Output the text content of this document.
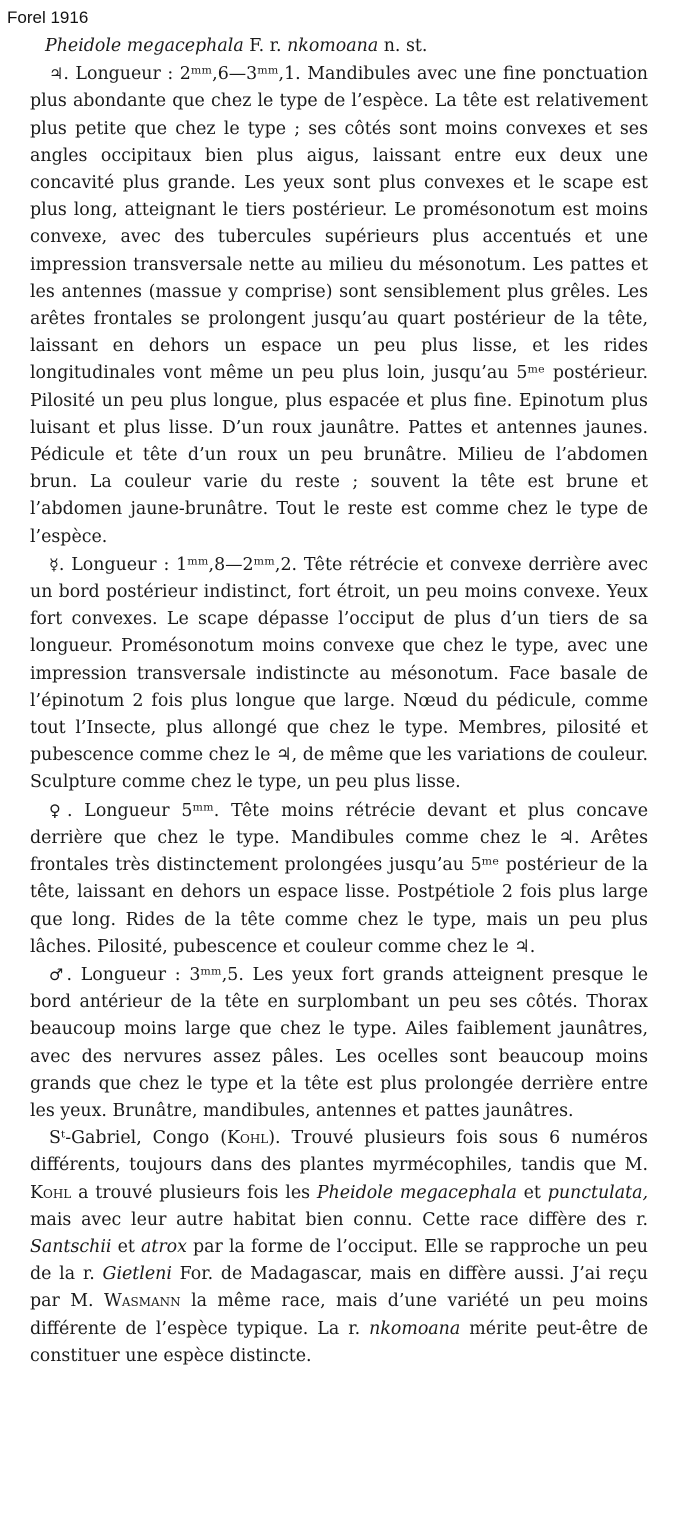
Forel 1916

Pheidole megacephala F. r. nkomoana n. st.

♃. Longueur : 2ᵐᵐ,6—3ᵐᵐ,1. Mandibules avec une fine ponctuation plus abondante que chez le type de l’espèce. La tête est relativement plus petite que chez le type ; ses côtés sont moins convexes et ses angles occipitaux bien plus aigus, laissant entre eux deux une concavité plus grande. Les yeux sont plus convexes et le scape est plus long, atteignant le tiers postérieur. Le promésonotum est moins convexe, avec des tubercules supérieurs plus accentués et une impression transversale nette au milieu du mésonotum. Les pattes et les antennes (massue y comprise) sont sensiblement plus grêles. Les arêtes frontales se prolongent jusqu’au quart postérieur de la tête, laissant en dehors un espace un peu plus lisse, et les rides longitudinales vont même un peu plus loin, jusqu’au 5ᵐᵉ postérieur. Pilosité un peu plus longue, plus espacée et plus fine. Epinotum plus luisant et plus lisse. D’un roux jaunâtre. Pattes et antennes jaunes. Pédicule et tête d’un roux un peu brunâtre. Milieu de l’abdomen brun. La couleur varie du reste ; souvent la tête est brune et l’abdomen jaune-brunâtre. Tout le reste est comme chez le type de l’espèce.

☿. Longueur : 1ᵐᵐ,8—2ᵐᵐ,2. Tête rétrécie et convexe derrière avec un bord postérieur indistinct, fort étroit, un peu moins convexe. Yeux fort convexes. Le scape dépasse l’occiput de plus d’un tiers de sa longueur. Promésonotum moins convexe que chez le type, avec une impression transversale indistincte au mésonotum. Face basale de l’épinotum 2 fois plus longue que large. Nœud du pédicule, comme tout l’Insecte, plus allongé que chez le type. Membres, pilosité et pubescence comme chez le ♃, de même que les variations de couleur. Sculpture comme chez le type, un peu plus lisse.

♀. Longueur 5ᵐᵐ. Tête moins rétrécie devant et plus concave derrière que chez le type. Mandibules comme chez le ♃. Arêtes frontales très distinctement prolongées jusqu’au 5ᵐᵉ postérieur de la tête, laissant en dehors un espace lisse. Postpétiole 2 fois plus large que long. Rides de la tête comme chez le type, mais un peu plus lâches. Pilosité, pubescence et couleur comme chez le ♃.

♂. Longueur : 3ᵐᵐ,5. Les yeux fort grands atteignent presque le bord antérieur de la tête en surplombant un peu ses côtés. Thorax beaucoup moins large que chez le type. Ailes faiblement jaunâtres, avec des nervures assez pâles. Les ocelles sont beaucoup moins grands que chez le type et la tête est plus prolongée derrière entre les yeux. Brunâtre, mandibules, antennes et pattes jaunâtres.

Sᵗ-Gabriel, Congo (Kohl). Trouvé plusieurs fois sous 6 numéros différents, toujours dans des plantes myrmécophiles, tandis que M. Kohl a trouvé plusieurs fois les Pheidole megacephala et punctulata, mais avec leur autre habitat bien connu. Cette race diffère des r. Santschii et atrox par la forme de l’occiput. Elle se rapproche un peu de la r. Gietleni For. de Madagascar, mais en diffère aussi. J’ai reçu par M. Wasmann la même race, mais d’une variété un peu moins différente de l’espèce typique. La r. nkomoana mérite peut-être de constituer une espèce distincte.
